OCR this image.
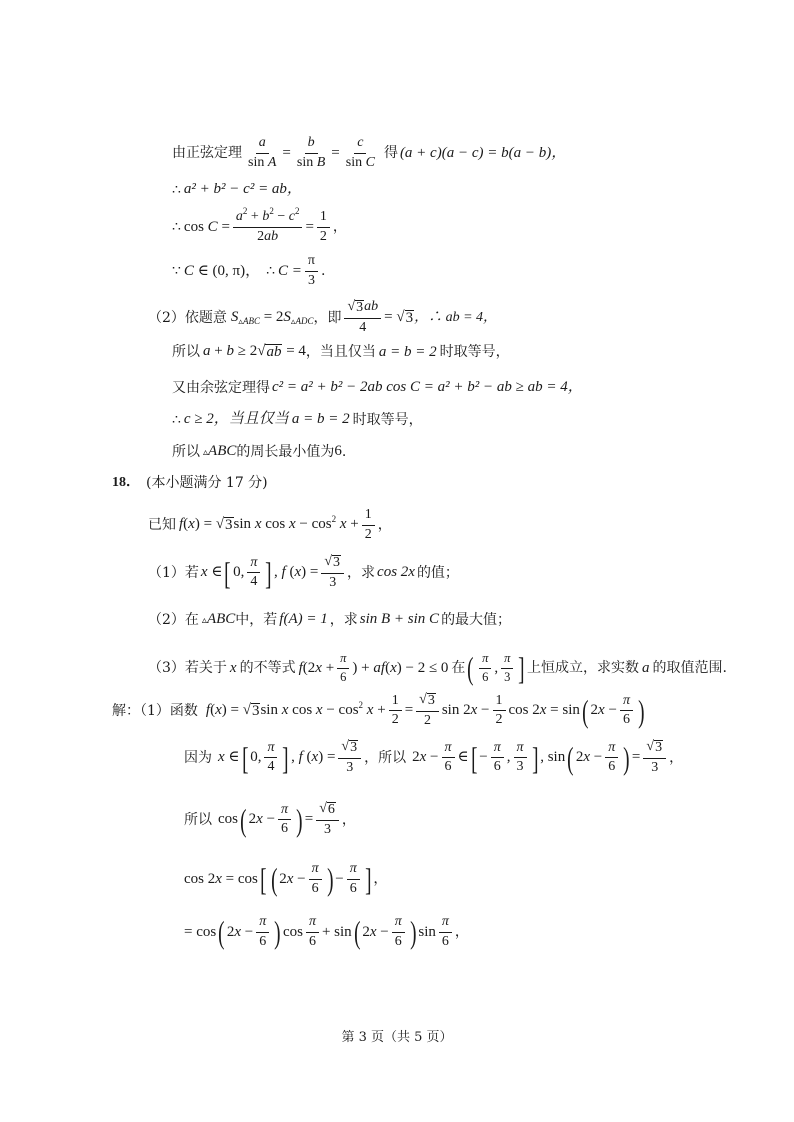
由正弦定理 $\frac{a}{\text{sin A}} = \frac{b}{\text{sin B}} = \frac{c}{\text{sin C}}$ 得 (a + c)(a − c) = b(a − b)，
∴ a² + b² − c² = ab，
∴ $\cos C = \frac{a^2 + b^2 - c^2}{2ab} = \frac{1}{2}$ ，
∵ C ∈ (0, π)， ∴ $C = \frac{\pi}{3}$ .
（2）依题意 $S_{▵ABC} = 2S_{▵ADC}$ ，即 $\frac{√ 3 ab}{4}$ = √ 3 ，∴ ab = 4，
所以 a + b ≥ 2√ ab = 4 ，当且仅当 a = b = 2 时取等号，
又由余弦定理得 c² = a² + b² − 2ab cos C = a² + b² − ab ≥ ab = 4，
∴ c ≥ 2，当且仅当 a = b = 2 时取等号，
所以 ▵ABC 的周长最小值为 6 .
18． (本小题满分 17 分)
已知 f(x) = √ 3 sin x $\cos x - \cos^2 x + \frac{1}{2}$ ，
（1）若 x ∈ [ 0, $\frac{\pi}{4}$ ] , f $(x) = \frac{√ 3}{3}$ ，求 cos 2x 的值；
（2）在 ▵ABC 中，若 f(A) = 1 ，求 sin B + sin C 的最大值；
（3）若关于 x 的不等式 $f(2x + \frac{\pi}{6}$ ) + af(x) − 2 ≤ 0 在 ( $\frac{\pi}{6}$ , $\frac{\pi}{3}$ ] 上恒成立，求实数 a 的取值范围.
解：（1）函数 f(x) = √ 3 sin x $\cos x - \cos^2 x + \frac{1}{2} = \frac{√ 3}{2}$ $\sin 2x - \frac{1}{2}$ cos 2x = sin ( $2x - \frac{\pi}{6}$ )
因为 x ∈ [ 0, $\frac{\pi}{4}$ ] , f $(x) = \frac{√ 3}{3}$ ，所以 $2x - \frac{\pi}{6}$ ∈ [ − $\frac{\pi}{6}$ , $\frac{\pi}{3}$ ] , sin ( $2x - \frac{\pi}{6}$ ) = $\frac{√ 3}{3}$ ，
所以 cos ( $2x - \frac{\pi}{6}$ ) = $\frac{√ 6}{3}$ ，
cos 2x = cos [ ( $2x - \frac{\pi}{6}$ ) − $\frac{\pi}{6}$ ] ，
= cos ( $2x - \frac{\pi}{6}$ ) $\cos \frac{\pi}{6} + \sin$ ( $2x - \frac{\pi}{6}$ ) $\sin \frac{\pi}{6}$ ，
第 3 页（共 5 页）
